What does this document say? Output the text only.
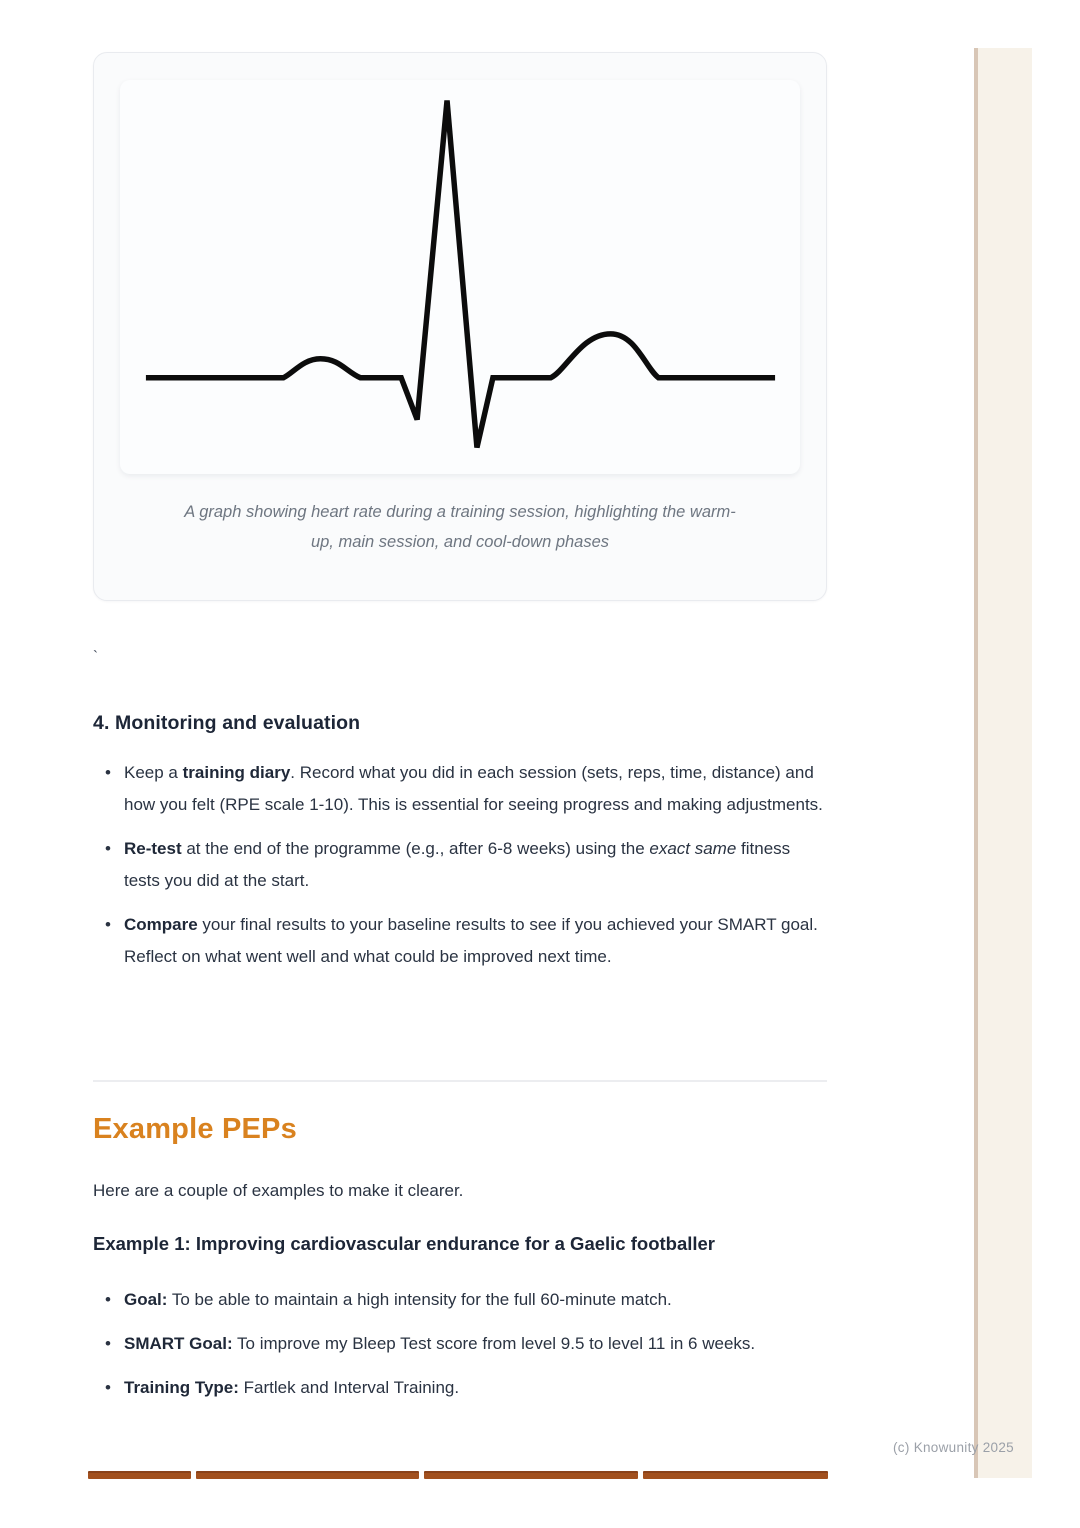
A graph showing heart rate during a training session, highlighting the warm-
up, main session, and cool-down phases
`
4. Monitoring and evaluation
• Keep a training diary. Record what you did in each session (sets, reps, time, distance) and how you felt (RPE scale 1-10). This is essential for seeing progress and making adjustments.
• Re-test at the end of the programme (e.g., after 6-8 weeks) using the exact same fitness tests you did at the start.
• Compare your final results to your baseline results to see if you achieved your SMART goal. Reflect on what went well and what could be improved next time.
Example PEPs

Here are a couple of examples to make it clearer.

Example 1: Improving cardiovascular endurance for a Gaelic footballer
• Goal: To be able to maintain a high intensity for the full 60-minute match.
• SMART Goal: To improve my Bleep Test score from level 9.5 to level 11 in 6 weeks.
• Training Type: Fartlek and Interval Training.
(c) Knowunity 2025
